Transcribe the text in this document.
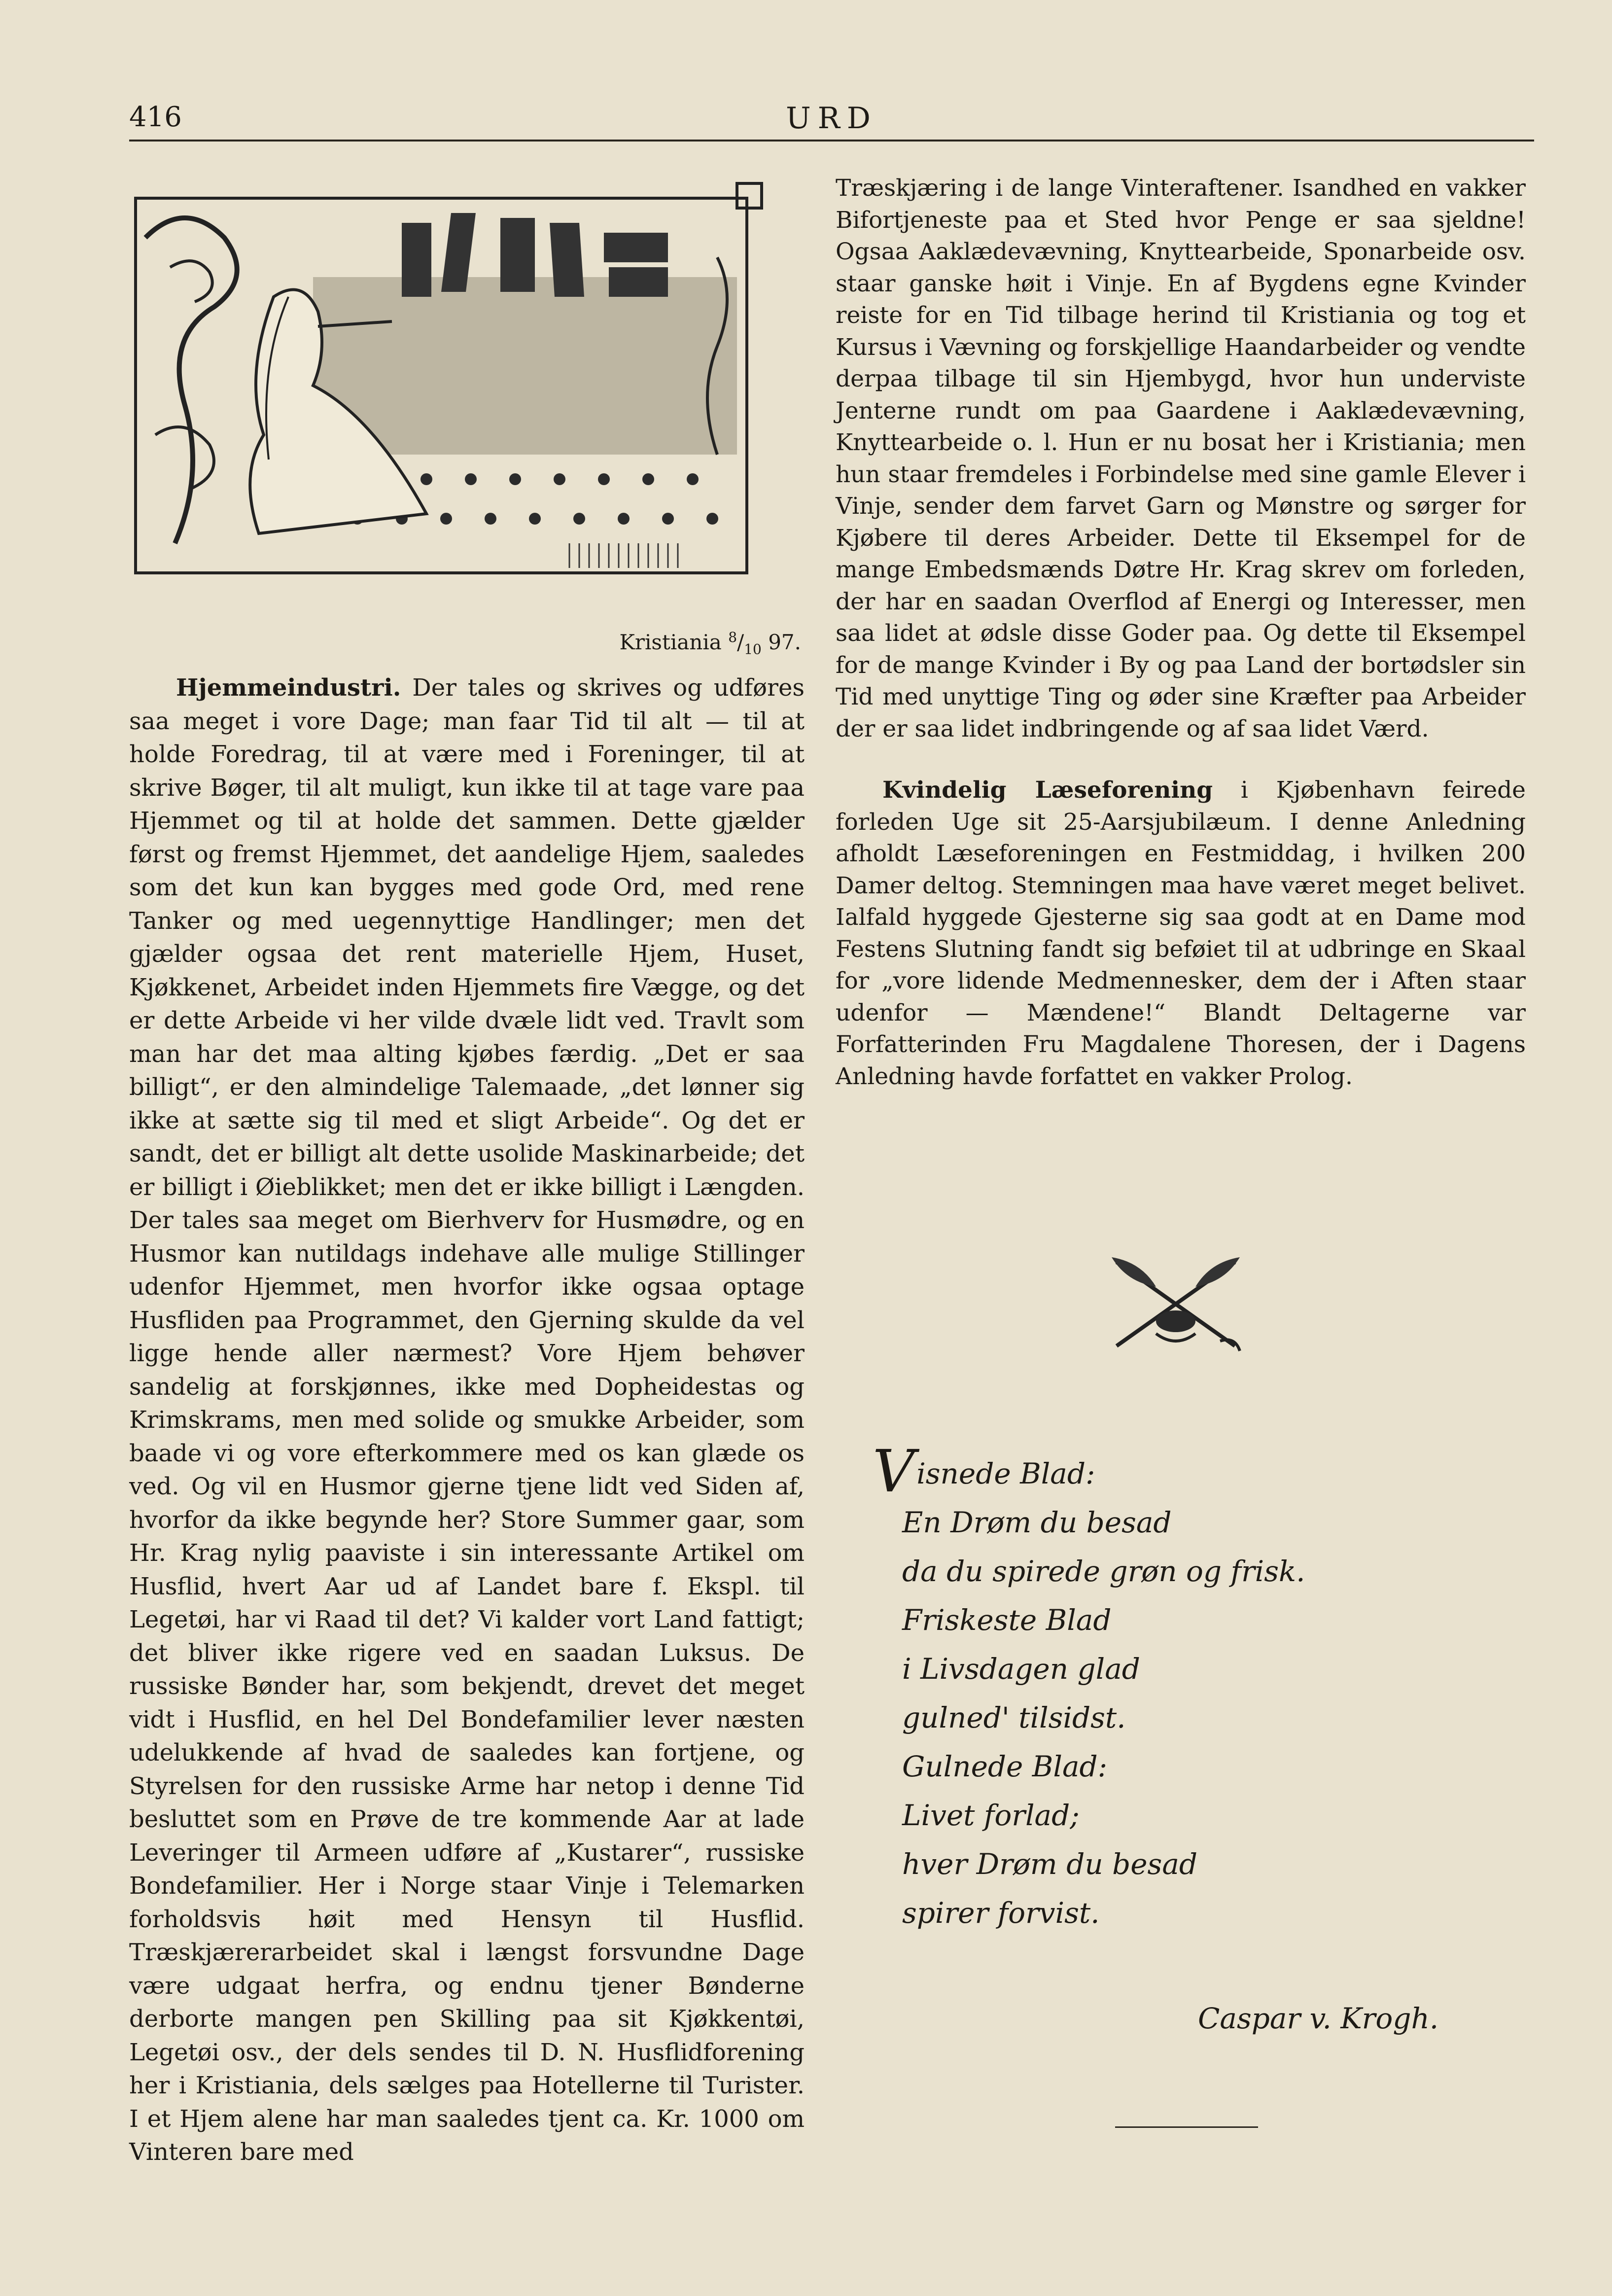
416	URD
Kristiania $^8/_{10}$ 97.

Hjemmeindustri. Der tales og skrives og udføres saa meget i vore Dage; man faar Tid til alt — til at holde Foredrag, til at være med i Foreninger, til at skrive Bøger, til alt muligt, kun ikke til at tage vare paa Hjemmet og til at holde det sammen. Dette gjælder først og fremst Hjemmet, det aandelige Hjem, saaledes som det kun kan bygges med gode Ord, med rene Tanker og med uegennyttige Handlinger; men det gjælder ogsaa det rent materielle Hjem, Huset, Kjøkkenet, Arbeidet inden Hjemmets fire Vægge, og det er dette Arbeide vi her vilde dvæle lidt ved. Travlt som man har det maa alting kjøbes færdig. „Det er saa billigt“, er den almindelige Talemaade, „det lønner sig ikke at sætte sig til med et sligt Arbeide“. Og det er sandt, det er billigt alt dette usolide Maskinarbeide; det er billigt i Øieblikket; men det er ikke billigt i Længden. Der tales saa meget om Bierhverv for Husmødre, og en Husmor kan nutildags indehave alle mulige Stillinger udenfor Hjemmet, men hvorfor ikke ogsaa optage Husfliden paa Programmet, den Gjerning skulde da vel ligge hende aller nærmest? Vore Hjem behøver sandelig at forskjønnes, ikke med Dopheidestas og Krimskrams, men med solide og smukke Arbeider, som baade vi og vore efterkommere med os kan glæde os ved. Og vil en Husmor gjerne tjene lidt ved Siden af, hvorfor da ikke begynde her? Store Summer gaar, som Hr. Krag nylig paaviste i sin interessante Artikel om Husflid, hvert Aar ud af Landet bare f. Ekspl. til Legetøi, har vi Raad til det? Vi kalder vort Land fattigt; det bliver ikke rigere ved en saadan Luksus. De russiske Bønder har, som bekjendt, drevet det meget vidt i Husflid, en hel Del Bondefamilier lever næsten udelukkende af hvad de saaledes kan fortjene, og Styrelsen for den russiske Arme har netop i denne Tid besluttet som en Prøve de tre kommende Aar at lade Leveringer til Armeen udføre af „Kustarer“, russiske Bondefamilier. Her i Norge staar Vinje i Telemarken forholdsvis høit med Hensyn til Husflid. Træskjærerarbeidet skal i længst forsvundne Dage være udgaat herfra, og endnu tjener Bønderne derborte mangen pen Skilling paa sit Kjøkkentøi, Legetøi osv., der dels sendes til D. N. Husflidforening her i Kristiania, dels sælges paa Hotellerne til Turister. I et Hjem alene har man saaledes tjent ca. Kr. 1000 om Vinteren bare med

Træskjæring i de lange Vinteraftener. Isandhed en vakker Bifortjeneste paa et Sted hvor Penge er saa sjeldne! Ogsaa Aaklædevævning, Knyttearbeide, Sponarbeide osv. staar ganske høit i Vinje. En af Bygdens egne Kvinder reiste for en Tid tilbage herind til Kristiania og tog et Kursus i Vævning og forskjellige Haandarbeider og vendte derpaa tilbage til sin Hjembygd, hvor hun underviste Jenterne rundt om paa Gaardene i Aaklædevævning, Knyttearbeide o. l. Hun er nu bosat her i Kristiania; men hun staar fremdeles i Forbindelse med sine gamle Elever i Vinje, sender dem farvet Garn og Mønstre og sørger for Kjøbere til deres Arbeider. Dette til Eksempel for de mange Embedsmænds Døtre Hr. Krag skrev om forleden, der har en saadan Overflod af Energi og Interesser, men saa lidet at ødsle disse Goder paa. Og dette til Eksempel for de mange Kvinder i By og paa Land der bortødsler sin Tid med unyttige Ting og øder sine Kræfter paa Arbeider der er saa lidet indbringende og af saa lidet Værd.

Kvindelig Læseforening i Kjøbenhavn feirede forleden Uge sit 25-Aarsjubilæum. I denne Anledning afholdt Læseforeningen en Festmiddag, i hvilken 200 Damer deltog. Stemningen maa have været meget belivet. Ialfald hyggede Gjesterne sig saa godt at en Dame mod Festens Slutning fandt sig beføiet til at udbringe en Skaal for „vore lidende Medmennesker, dem der i Aften staar udenfor — Mændene!“ Blandt Deltagerne var Forfatterinden Fru Magdalene Thoresen, der i Dagens Anledning havde forfattet en vakker Prolog.

Visnede Blad:
En Drøm du besad
da du spirede grøn og frisk.
Friskeste Blad
i Livsdagen glad
gulned' tilsidst.
Gulnede Blad:
Livet forlad;
hver Drøm du besad
spirer forvist.
Caspar v. Krogh.
